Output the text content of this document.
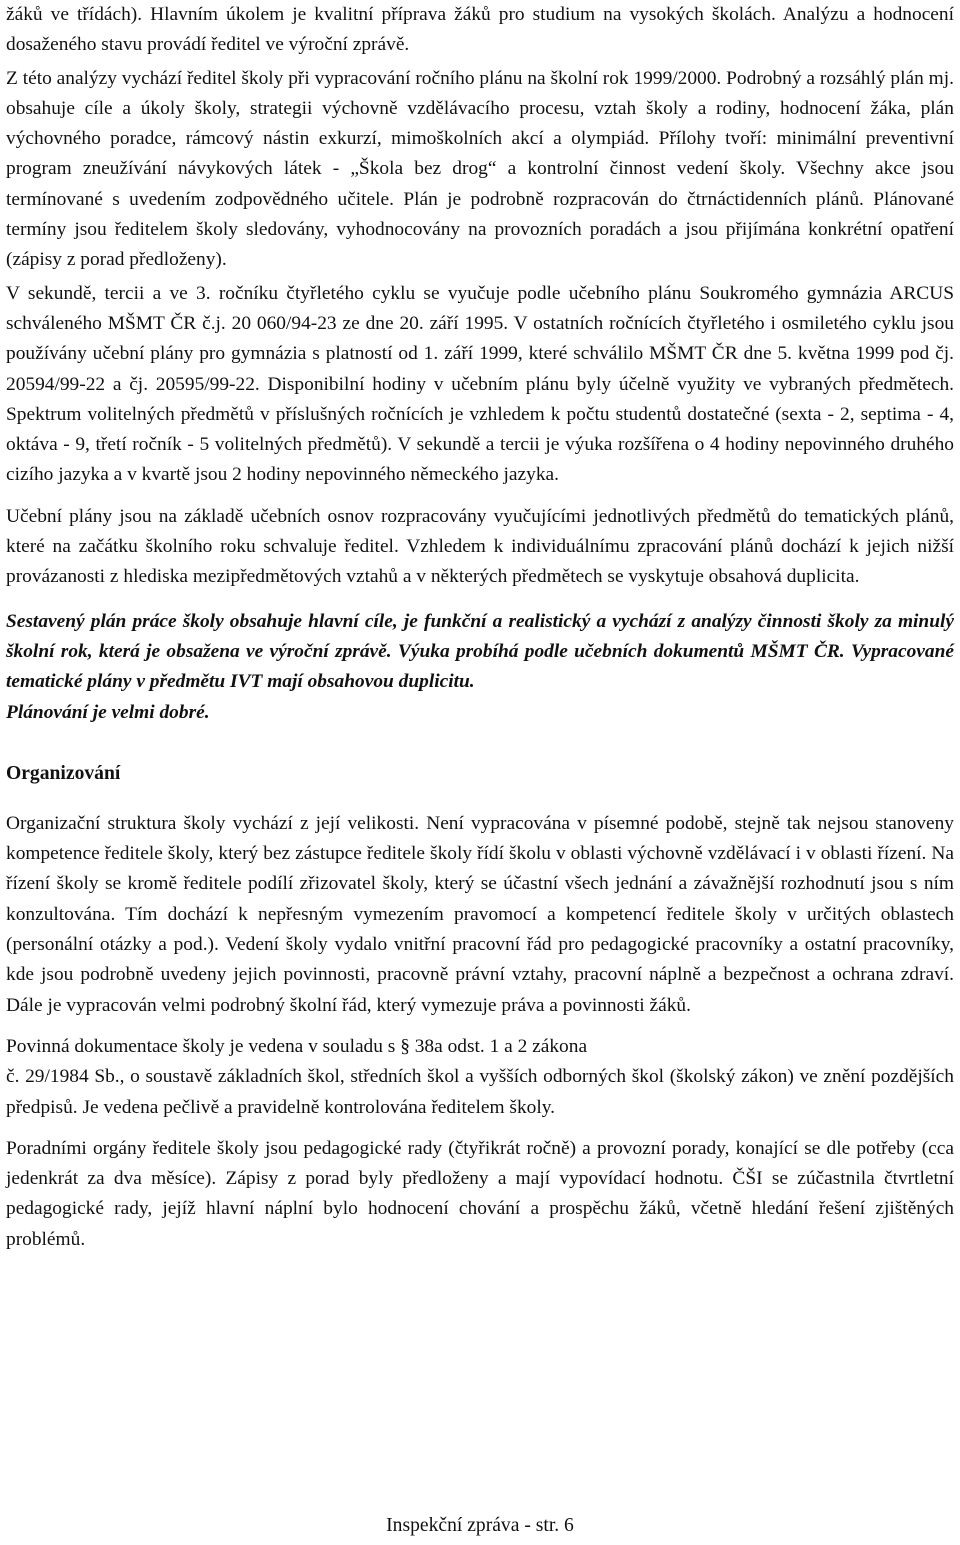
žáků ve třídách). Hlavním úkolem je kvalitní příprava žáků pro studium na vysokých školách. Analýzu a hodnocení dosaženého stavu provádí ředitel ve výroční zprávě.

Z této analýzy vychází ředitel školy při vypracování ročního plánu na školní rok 1999/2000. Podrobný a rozsáhlý plán mj. obsahuje cíle a úkoly školy, strategii výchovně vzdělávacího procesu, vztah školy a rodiny, hodnocení žáka, plán výchovného poradce, rámcový nástin exkurzí, mimoškolních akcí a olympiád. Přílohy tvoří: minimální preventivní program zneužívání návykových látek - „Škola bez drog“ a kontrolní činnost vedení školy. Všechny akce jsou termínované s uvedením zodpovědného učitele. Plán je podrobně rozpracován do čtrnáctidenních plánů. Plánované termíny jsou ředitelem školy sledovány, vyhodnocovány na provozních poradách a jsou přijímána konkrétní opatření (zápisy z porad předloženy).

V sekundě, tercii a ve 3. ročníku čtyřletého cyklu se vyučuje podle učebního plánu Soukromého gymnázia ARCUS schváleného MŠMT ČR č.j. 20 060/94-23 ze dne 20. září 1995. V ostatních ročnících čtyřletého i osmiletého cyklu jsou používány učební plány pro gymnázia s platností od 1. září 1999, které schválilo MŠMT ČR dne 5. května 1999 pod čj. 20594/99-22 a čj. 20595/99-22. Disponibilní hodiny v učebním plánu byly účelně využity ve vybraných předmětech. Spektrum volitelných předmětů v příslušných ročnících je vzhledem k počtu studentů dostatečné (sexta - 2, septima - 4, oktáva - 9, třetí ročník - 5 volitelných předmětů). V sekundě a tercii je výuka rozšířena o 4 hodiny nepovinného druhého cizího jazyka a v kvartě jsou 2 hodiny nepovinného německého jazyka.

Učební plány jsou na základě učebních osnov rozpracovány vyučujícími jednotlivých předmětů do tematických plánů, které na začátku školního roku schvaluje ředitel. Vzhledem k individuálnímu zpracování plánů dochází k jejich nižší provázanosti z hlediska mezipředmětových vztahů a v některých předmětech se vyskytuje obsahová duplicita.

Sestavený plán práce školy obsahuje hlavní cíle, je funkční a realistický a vychází z analýzy činnosti školy za minulý školní rok, která je obsažena ve výroční zprávě. Výuka probíhá podle učebních dokumentů MŠMT ČR. Vypracované tematické plány v předmětu IVT mají obsahovou duplicitu.

Plánování je velmi dobré.

Organizování

Organizační struktura školy vychází z její velikosti. Není vypracována v písemné podobě, stejně tak nejsou stanoveny kompetence ředitele školy, který bez zástupce ředitele školy řídí školu v oblasti výchovně vzdělávací i v oblasti řízení. Na řízení školy se kromě ředitele podílí zřizovatel školy, který se účastní všech jednání a závažnější rozhodnutí jsou s ním konzultována. Tím dochází k nepřesným vymezením pravomocí a kompetencí ředitele školy v určitých oblastech (personální otázky a pod.). Vedení školy vydalo vnitřní pracovní řád pro pedagogické pracovníky a ostatní pracovníky, kde jsou podrobně uvedeny jejich povinnosti, pracovně právní vztahy, pracovní náplně a bezpečnost a ochrana zdraví. Dále je vypracován velmi podrobný školní řád, který vymezuje práva a povinnosti žáků.

Povinná dokumentace školy je vedena v souladu s § 38a odst. 1 a 2 zákona
č. 29/1984 Sb., o soustavě základních škol, středních škol a vyšších odborných škol (školský zákon) ve znění pozdějších předpisů. Je vedena pečlivě a pravidelně kontrolována ředitelem školy.

Poradními orgány ředitele školy jsou pedagogické rady (čtyřikrát ročně) a provozní porady, konající se dle potřeby (cca jedenkrát za dva měsíce). Zápisy z porad byly předloženy a mají vypovídací hodnotu. ČŠI se zúčastnila čtvrtletní pedagogické rady, jejíž hlavní náplní bylo hodnocení chování a prospěchu žáků, včetně hledání řešení zjištěných problémů.

Inspekční zpráva - str. 6
